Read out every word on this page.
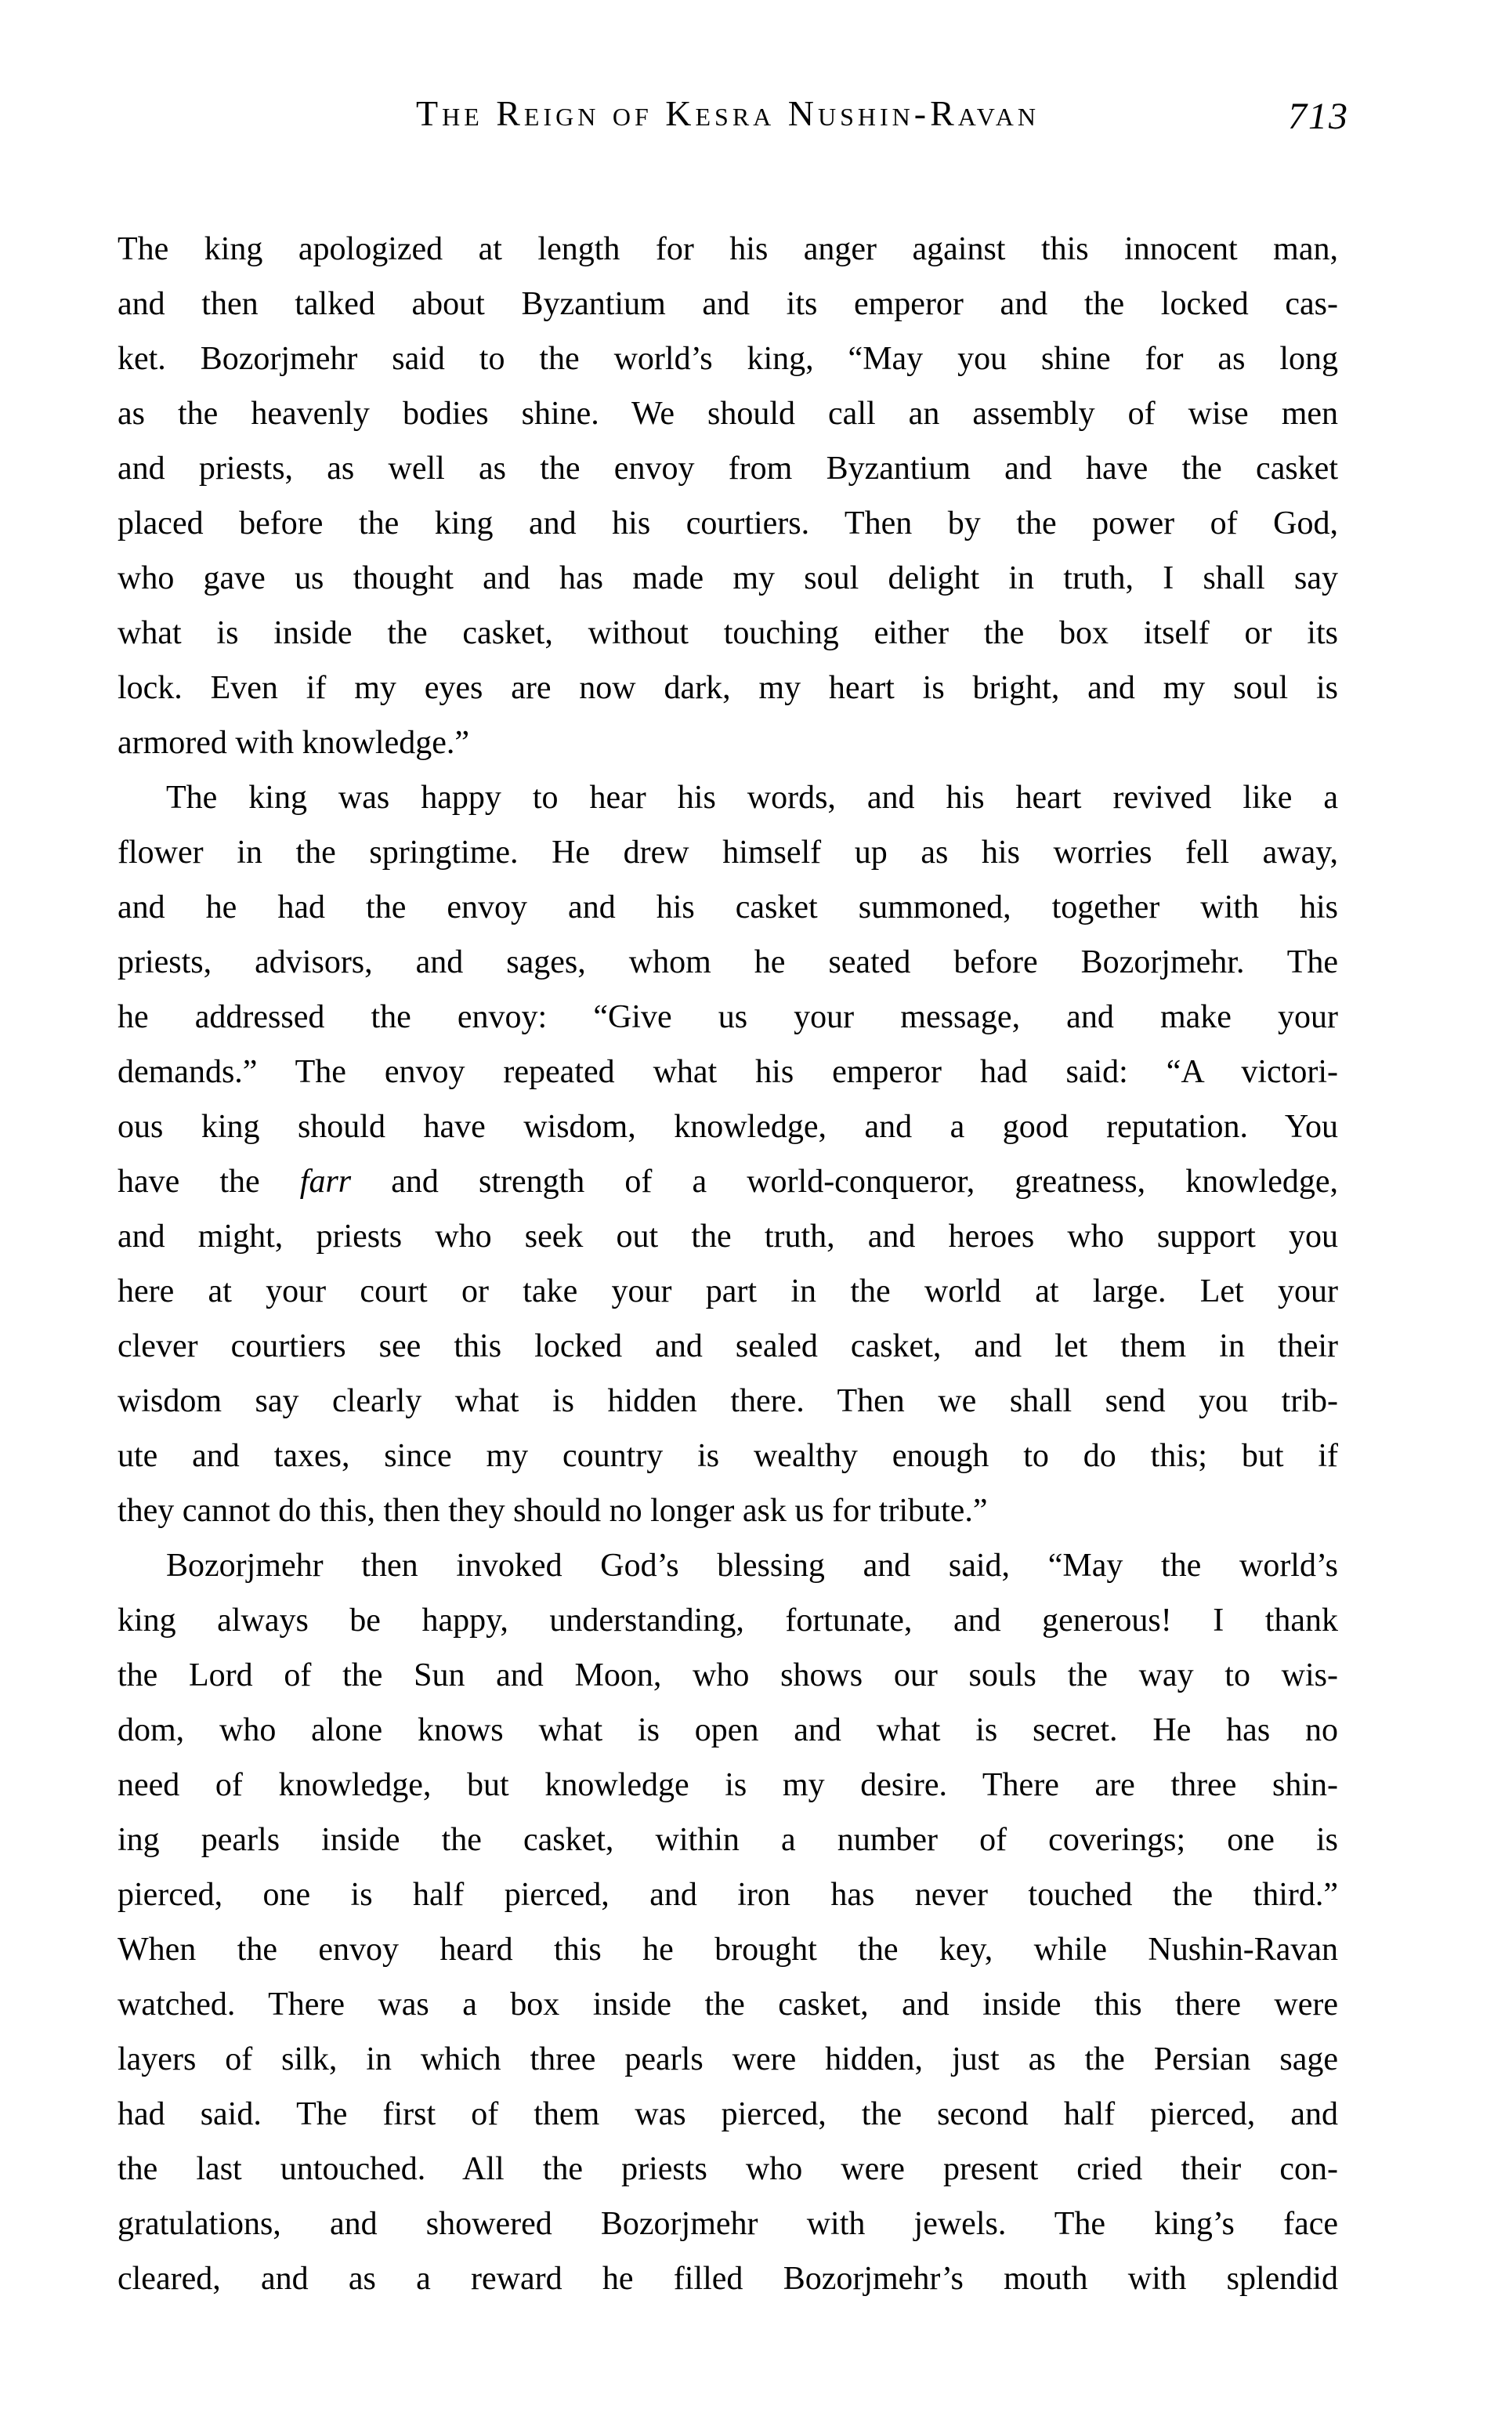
The Reign of Kesra Nushin-Ravan	713
The king apologized at length for his anger against this innocent man,
and then talked about Byzantium and its emperor and the locked cas-
ket. Bozorjmehr said to the world’s king, “May you shine for as long
as the heavenly bodies shine. We should call an assembly of wise men
and priests, as well as the envoy from Byzantium and have the casket
placed before the king and his courtiers. Then by the power of God,
who gave us thought and has made my soul delight in truth, I shall say
what is inside the casket, without touching either the box itself or its
lock. Even if my eyes are now dark, my heart is bright, and my soul is
armored with knowledge.”
The king was happy to hear his words, and his heart revived like a
flower in the springtime. He drew himself up as his worries fell away,
and he had the envoy and his casket summoned, together with his
priests, advisors, and sages, whom he seated before Bozorjmehr. The
he addressed the envoy: “Give us your message, and make your
demands.” The envoy repeated what his emperor had said: “A victori-
ous king should have wisdom, knowledge, and a good reputation. You
have the farr and strength of a world-conqueror, greatness, knowledge,
and might, priests who seek out the truth, and heroes who support you
here at your court or take your part in the world at large. Let your
clever courtiers see this locked and sealed casket, and let them in their
wisdom say clearly what is hidden there. Then we shall send you trib-
ute and taxes, since my country is wealthy enough to do this; but if
they cannot do this, then they should no longer ask us for tribute.”
Bozorjmehr then invoked God’s blessing and said, “May the world’s
king always be happy, understanding, fortunate, and generous! I thank
the Lord of the Sun and Moon, who shows our souls the way to wis-
dom, who alone knows what is open and what is secret. He has no
need of knowledge, but knowledge is my desire. There are three shin-
ing pearls inside the casket, within a number of coverings; one is
pierced, one is half pierced, and iron has never touched the third.”
When the envoy heard this he brought the key, while Nushin-Ravan
watched. There was a box inside the casket, and inside this there were
layers of silk, in which three pearls were hidden, just as the Persian sage
had said. The first of them was pierced, the second half pierced, and
the last untouched. All the priests who were present cried their con-
gratulations, and showered Bozorjmehr with jewels. The king’s face
cleared, and as a reward he filled Bozorjmehr’s mouth with splendid
